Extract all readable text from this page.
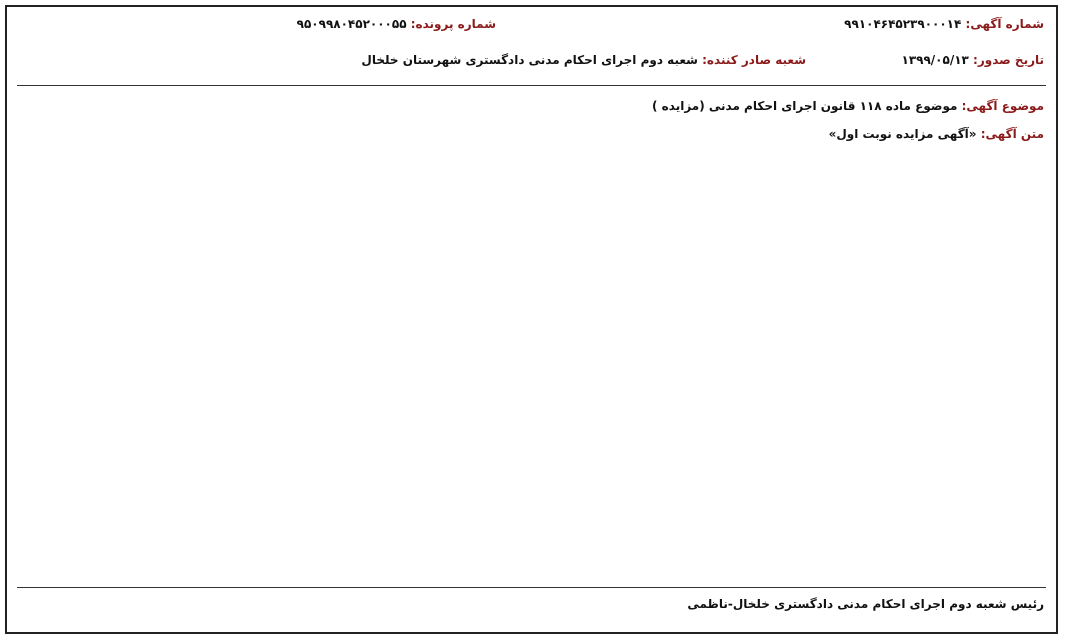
شماره آگهی: ۹۹۱۰۴۶۴۵۲۳۹۰۰۰۱۴
شماره پرونده: ۹۵۰۹۹۸۰۴۵۲۰۰۰۵۵
تاریخ صدور: ۱۳۹۹/۰۵/۱۳
شعبه صادر کننده: شعبه دوم اجرای احکام مدنی دادگستری شهرستان خلخال
موضوع آگهی: موضوع ماده ۱۱۸ قانون اجرای احکام مدنی (مزایده )
متن آگهی: «آگهی مزایده نوبت اول»
رئیس شعبه دوم اجرای احکام مدنی دادگستری خلخال-ناظمی
